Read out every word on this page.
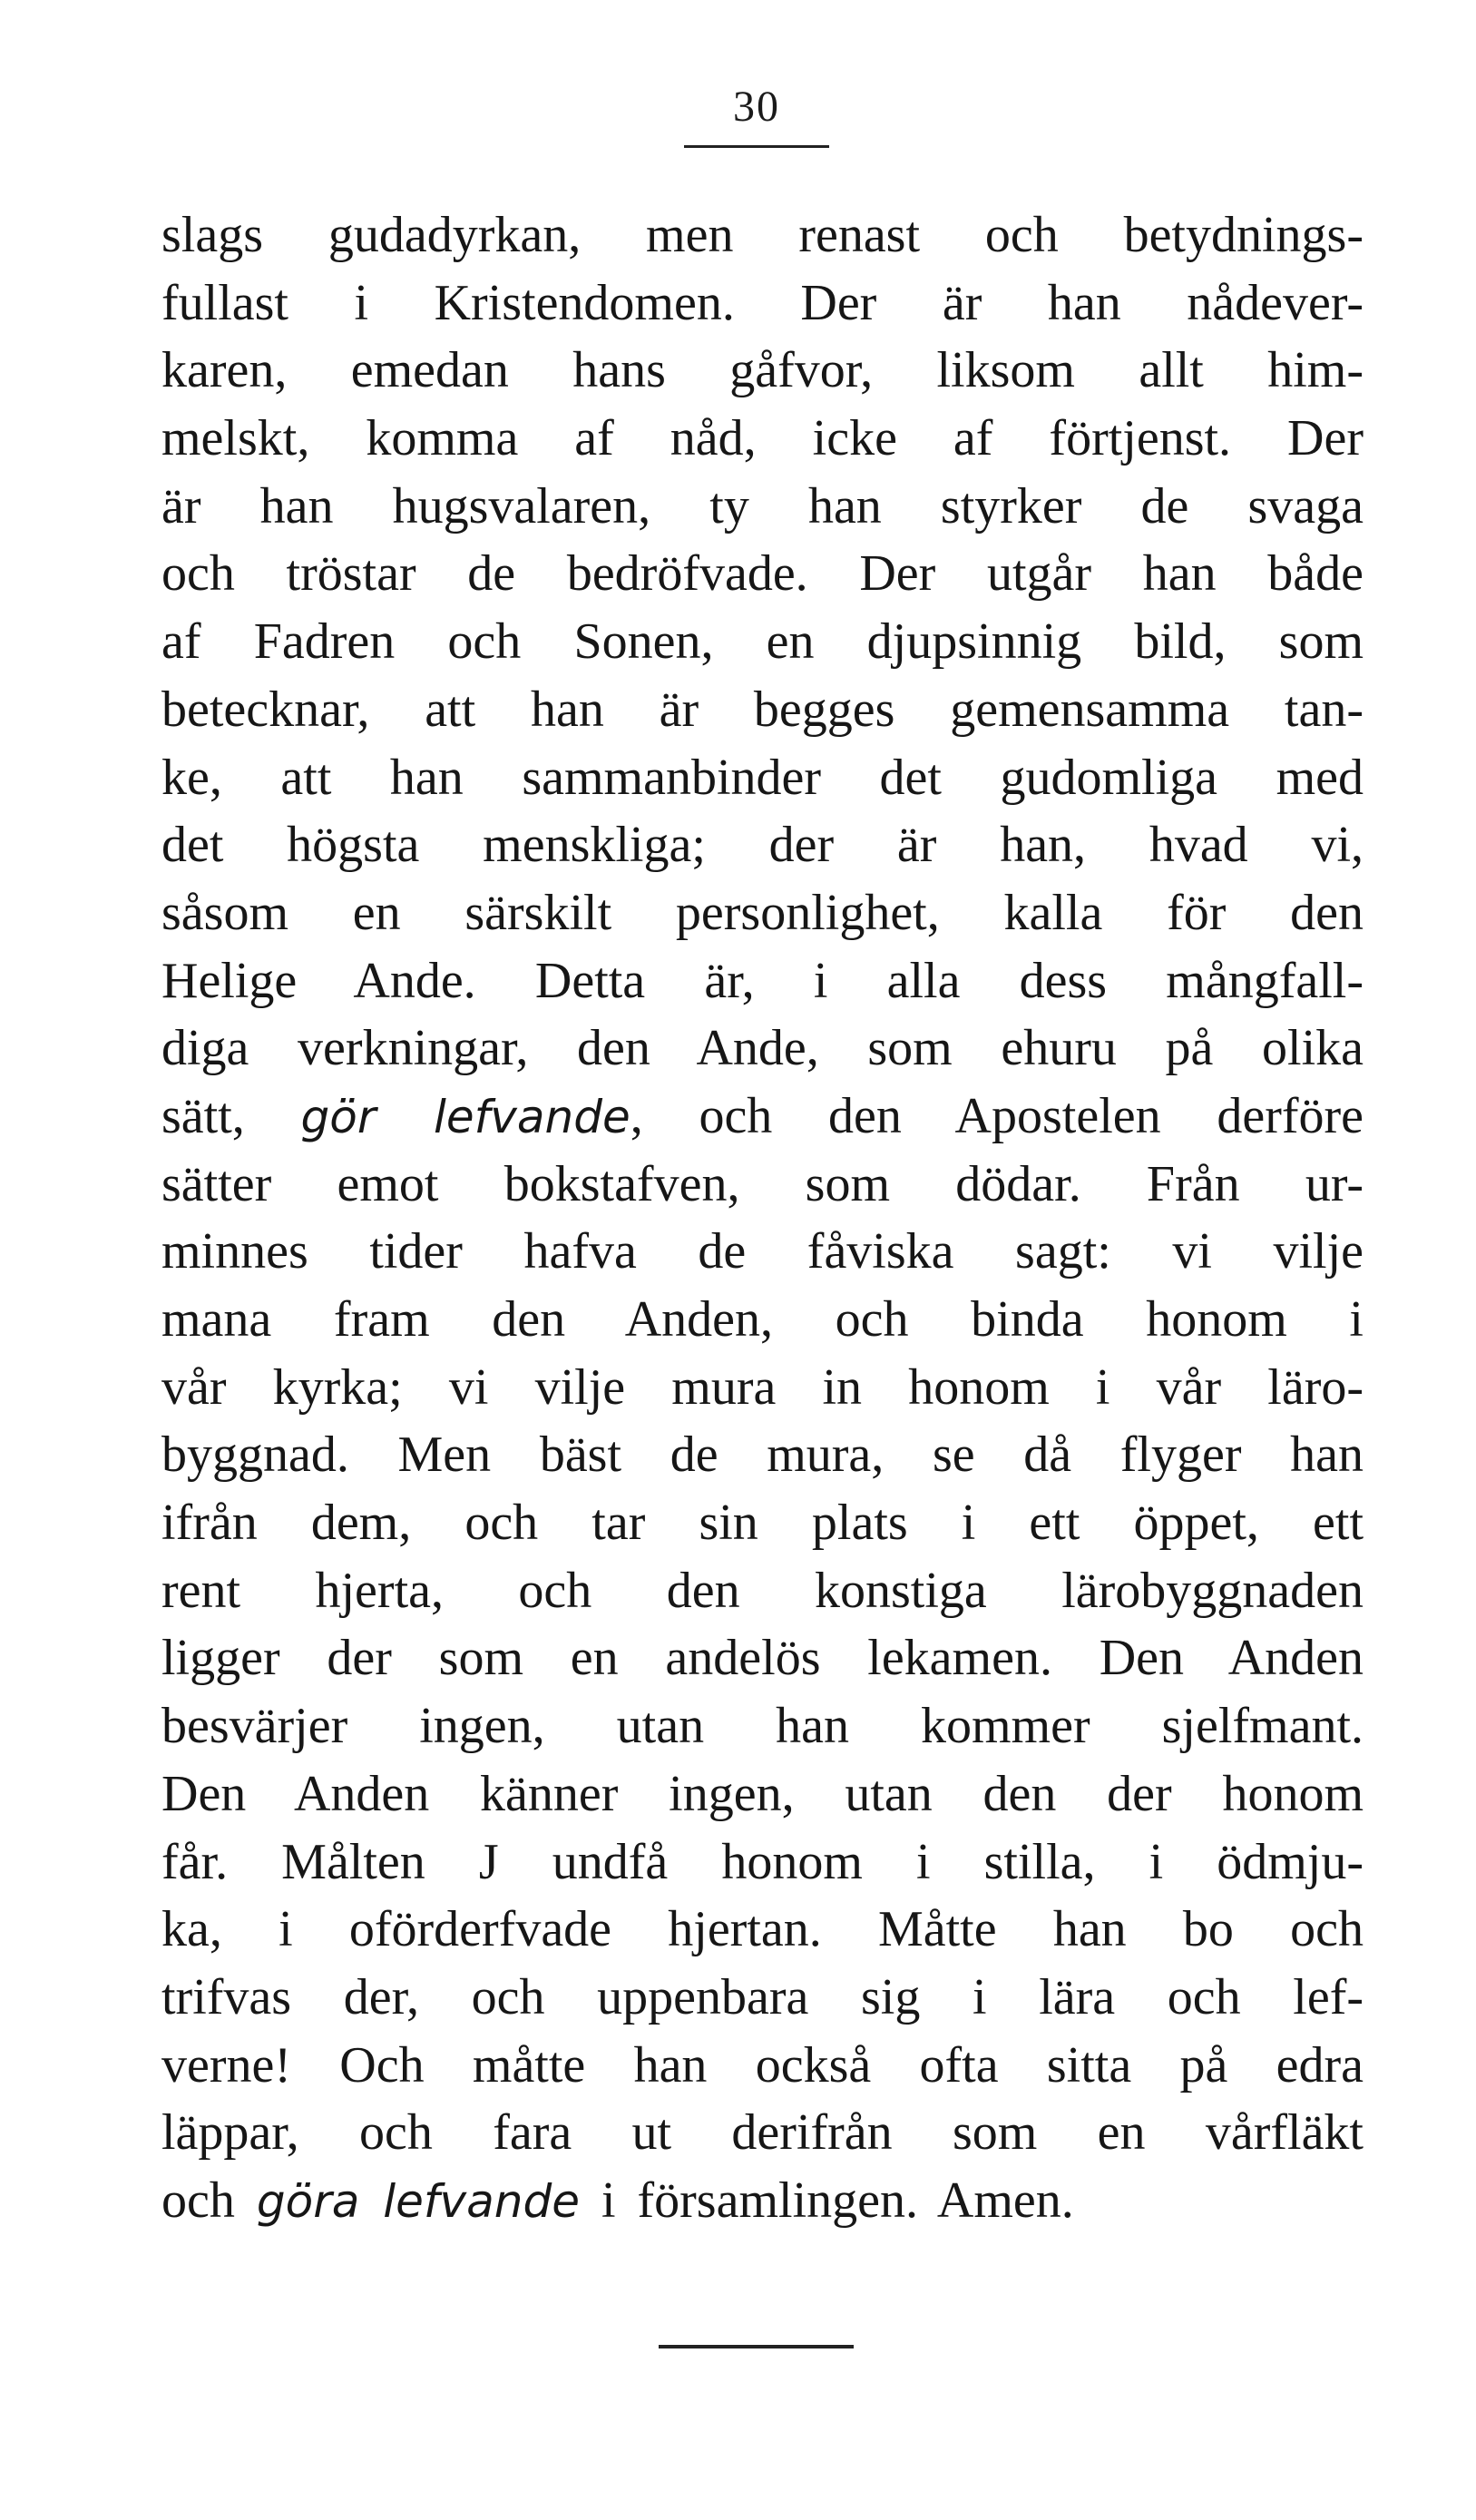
30
slags gudadyrkan, men renast och betydnings-
fullast i Kristendomen. Der är han nådever-
karen, emedan hans gåfvor, liksom allt him-
melskt, komma af nåd, icke af förtjenst. Der
är han hugsvalaren, ty han styrker de svaga
och tröstar de bedröfvade. Der utgår han både
af Fadren och Sonen, en djupsinnig bild, som
betecknar, att han är begges gemensamma tan-
ke, att han sammanbinder det gudomliga med
det högsta menskliga; der är han, hvad vi,
såsom en särskilt personlighet, kalla för den
Helige Ande. Detta är, i alla dess mångfall-
diga verkningar, den Ande, som ehuru på olika
sätt, gör lefvande, och den Apostelen derföre
sätter emot bokstafven, som dödar. Från ur-
minnes tider hafva de fåviska sagt: vi vilje
mana fram den Anden, och binda honom i
vår kyrka; vi vilje mura in honom i vår läro-
byggnad. Men bäst de mura, se då flyger han
ifrån dem, och tar sin plats i ett öppet, ett
rent hjerta, och den konstiga lärobyggnaden
ligger der som en andelös lekamen. Den Anden
besvärjer ingen, utan han kommer sjelfmant.
Den Anden känner ingen, utan den der honom
får. Målten J undfå honom i stilla, i ödmju-
ka, i oförderfvade hjertan. Måtte han bo och
trifvas der, och uppenbara sig i lära och lef-
verne! Och måtte han också ofta sitta på edra
läppar, och fara ut derifrån som en vårfläkt
och göra lefvande i församlingen. Amen.
